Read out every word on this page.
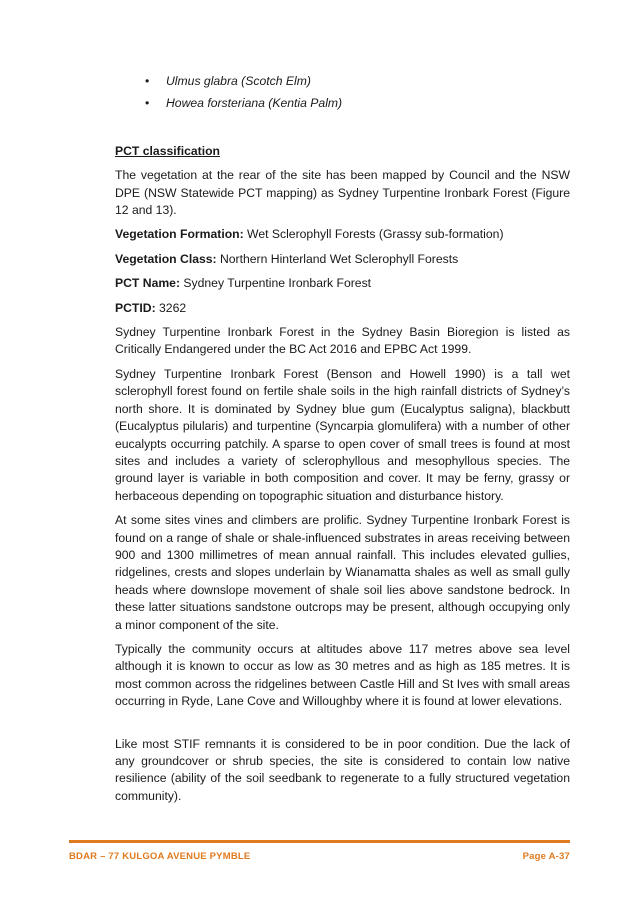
• Ulmus glabra (Scotch Elm)
• Howea forsteriana (Kentia Palm)
PCT classification

The vegetation at the rear of the site has been mapped by Council and the NSW DPE (NSW Statewide PCT mapping) as Sydney Turpentine Ironbark Forest (Figure 12 and 13).

Vegetation Formation: Wet Sclerophyll Forests (Grassy sub-formation)

Vegetation Class: Northern Hinterland Wet Sclerophyll Forests

PCT Name: Sydney Turpentine Ironbark Forest

PCTID: 3262

Sydney Turpentine Ironbark Forest in the Sydney Basin Bioregion is listed as Critically Endangered under the BC Act 2016 and EPBC Act 1999.

Sydney Turpentine Ironbark Forest (Benson and Howell 1990) is a tall wet sclerophyll forest found on fertile shale soils in the high rainfall districts of Sydney’s north shore. It is dominated by Sydney blue gum (Eucalyptus saligna), blackbutt (Eucalyptus pilularis) and turpentine (Syncarpia glomulifera) with a number of other eucalypts occurring patchily. A sparse to open cover of small trees is found at most sites and includes a variety of sclerophyllous and mesophyllous species. The ground layer is variable in both composition and cover. It may be ferny, grassy or herbaceous depending on topographic situation and disturbance history.

At some sites vines and climbers are prolific. Sydney Turpentine Ironbark Forest is found on a range of shale or shale-influenced substrates in areas receiving between 900 and 1300 millimetres of mean annual rainfall. This includes elevated gullies, ridgelines, crests and slopes underlain by Wianamatta shales as well as small gully heads where downslope movement of shale soil lies above sandstone bedrock. In these latter situations sandstone outcrops may be present, although occupying only a minor component of the site.

Typically the community occurs at altitudes above 117 metres above sea level although it is known to occur as low as 30 metres and as high as 185 metres. It is most common across the ridgelines between Castle Hill and St Ives with small areas occurring in Ryde, Lane Cove and Willoughby where it is found at lower elevations.

Like most STIF remnants it is considered to be in poor condition. Due the lack of any groundcover or shrub species, the site is considered to contain low native resilience (ability of the soil seedbank to regenerate to a fully structured vegetation community).

BDAR – 77 KULGOA AVENUE PYMBLE	Page A-37
